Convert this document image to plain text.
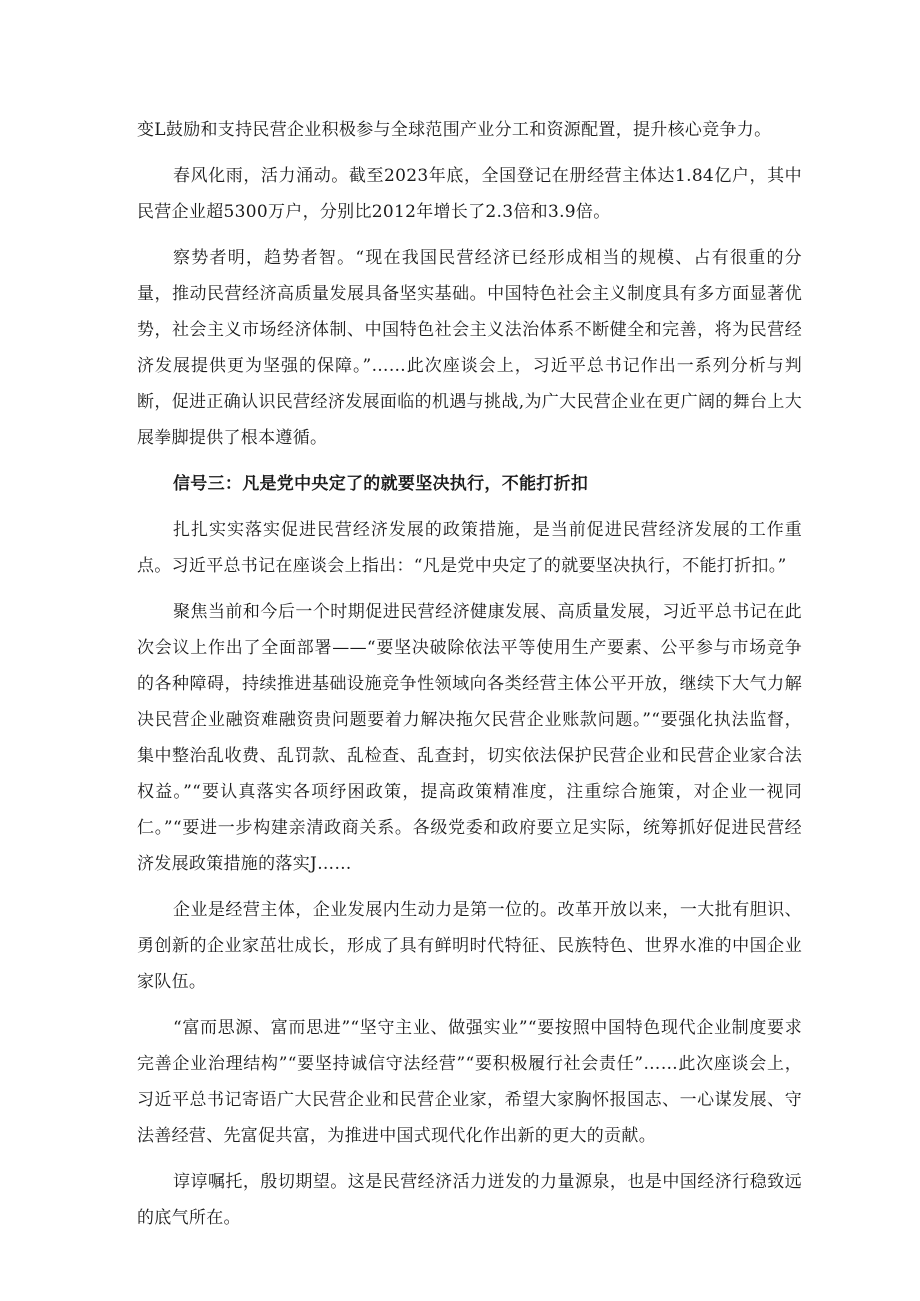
变L鼓励和支持民营企业积极参与全球范围产业分工和资源配置，提升核心竞争力。

春风化雨，活力涌动。截至2023年底，全国登记在册经营主体达1.84亿户，其中民营企业超5300万户，分别比2012年增长了2.3倍和3.9倍。

察势者明，趋势者智。“现在我国民营经济已经形成相当的规模、占有很重的分量，推动民营经济高质量发展具备坚实基础。中国特色社会主义制度具有多方面显著优势，社会主义市场经济体制、中国特色社会主义法治体系不断健全和完善，将为民营经济发展提供更为坚强的保障。”……此次座谈会上，习近平总书记作出一系列分析与判断，促进正确认识民营经济发展面临的机遇与挑战,为广大民营企业在更广阔的舞台上大展拳脚提供了根本遵循。

信号三：凡是党中央定了的就要坚决执行，不能打折扣

扎扎实实落实促进民营经济发展的政策措施，是当前促进民营经济发展的工作重点。习近平总书记在座谈会上指出：“凡是党中央定了的就要坚决执行，不能打折扣。”

聚焦当前和今后一个时期促进民营经济健康发展、高质量发展，习近平总书记在此次会议上作出了全面部署——“要坚决破除依法平等使用生产要素、公平参与市场竞争的各种障碍，持续推进基础设施竞争性领域向各类经营主体公平开放，继续下大气力解决民营企业融资难融资贵问题要着力解决拖欠民营企业账款问题。”“要强化执法监督，集中整治乱收费、乱罚款、乱检查、乱查封，切实依法保护民营企业和民营企业家合法权益。”“要认真落实各项纾困政策，提高政策精准度，注重综合施策，对企业一视同仁。”“要进一步构建亲清政商关系。各级党委和政府要立足实际，统筹抓好促进民营经济发展政策措施的落实J……

企业是经营主体，企业发展内生动力是第一位的。改革开放以来，一大批有胆识、勇创新的企业家茁壮成长，形成了具有鲜明时代特征、民族特色、世界水准的中国企业家队伍。

“富而思源、富而思进”“坚守主业、做强实业”“要按照中国特色现代企业制度要求完善企业治理结构”“要坚持诚信守法经营”“要积极履行社会责任”……此次座谈会上，习近平总书记寄语广大民营企业和民营企业家，希望大家胸怀报国志、一心谋发展、守法善经营、先富促共富，为推进中国式现代化作出新的更大的贡献。

谆谆嘱托，殷切期望。这是民营经济活力迸发的力量源泉，也是中国经济行稳致远的底气所在。
